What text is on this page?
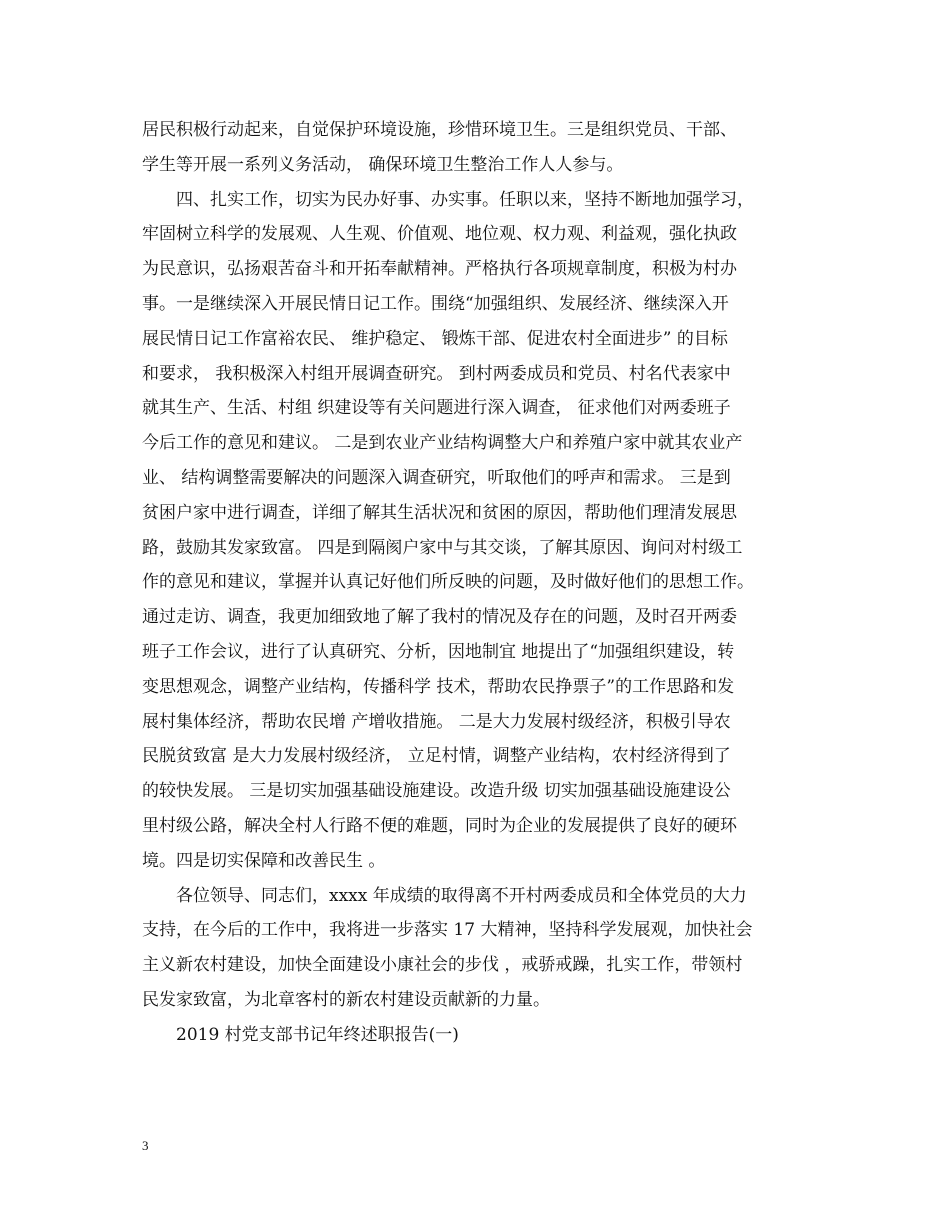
居民积极行动起来，自觉保护环境设施，珍惜环境卫生。三是组织党员、干部、
学生等开展一系列义务活动， 确保环境卫生整治工作人人参与。
四、扎实工作，切实为民办好事、办实事。任职以来，坚持不断地加强学习，
牢固树立科学的发展观、人生观、价值观、地位观、权力观、利益观，强化执政
为民意识，弘扬艰苦奋斗和开拓奉献精神。严格执行各项规章制度，积极为村办
事。一是继续深入开展民情日记工作。围绕“加强组织、发展经济、继续深入开
展民情日记工作富裕农民、 维护稳定、 锻炼干部、促进农村全面进步” 的目标
和要求， 我积极深入村组开展调查研究。 到村两委成员和党员、村名代表家中
就其生产、生活、村组 织建设等有关问题进行深入调查， 征求他们对两委班子
今后工作的意见和建议。 二是到农业产业结构调整大户和养殖户家中就其农业产
业、 结构调整需要解决的问题深入调查研究，听取他们的呼声和需求。 三是到
贫困户家中进行调查，详细了解其生活状况和贫困的原因，帮助他们理清发展思
路，鼓励其发家致富。 四是到隔阂户家中与其交谈，了解其原因、询问对村级工
作的意见和建议，掌握并认真记好他们所反映的问题，及时做好他们的思想工作。
通过走访、调查，我更加细致地了解了我村的情况及存在的问题，及时召开两委
班子工作会议，进行了认真研究、分析，因地制宜 地提出了“加强组织建设，转
变思想观念，调整产业结构，传播科学 技术，帮助农民挣票子”的工作思路和发
展村集体经济，帮助农民增 产增收措施。 二是大力发展村级经济，积极引导农
民脱贫致富 是大力发展村级经济， 立足村情，调整产业结构，农村经济得到了
的较快发展。 三是切实加强基础设施建设。改造升级 切实加强基础设施建设公
里村级公路，解决全村人行路不便的难题，同时为企业的发展提供了良好的硬环
境。四是切实保障和改善民生 。
各位领导、同志们，xxxx 年成绩的取得离不开村两委成员和全体党员的大力
支持，在今后的工作中，我将进一步落实 17 大精神，坚持科学发展观，加快社会
主义新农村建设，加快全面建设小康社会的步伐 ，戒骄戒躁，扎实工作，带领村
民发家致富，为北章客村的新农村建设贡献新的力量。
2019 村党支部书记年终述职报告(一)
3
